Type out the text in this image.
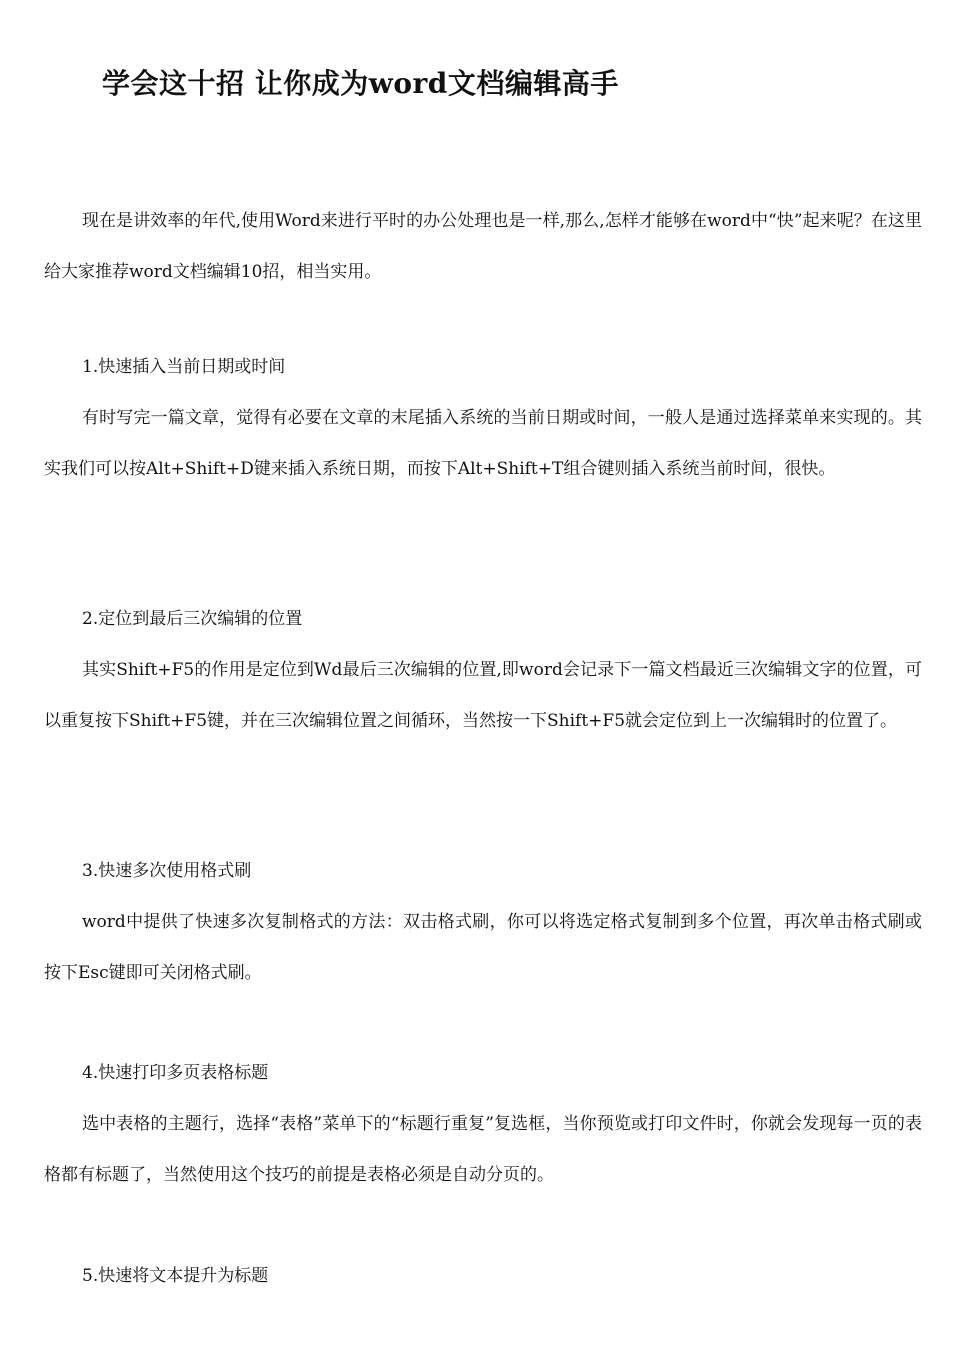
学会这十招 让你成为word文档编辑高手

现在是讲效率的年代,使用Word来进行平时的办公处理也是一样,那么,怎样才能够在word中“快”起来呢？在这里给大家推荐word文档编辑10招，相当实用。

1.快速插入当前日期或时间

有时写完一篇文章，觉得有必要在文章的末尾插入系统的当前日期或时间，一般人是通过选择菜单来实现的。其实我们可以按Alt+Shift+D键来插入系统日期，而按下Alt+Shift+T组合键则插入系统当前时间，很快。

2.定位到最后三次编辑的位置

其实Shift+F5的作用是定位到Wd最后三次编辑的位置,即word会记录下一篇文档最近三次编辑文字的位置，可以重复按下Shift+F5键，并在三次编辑位置之间循环，当然按一下Shift+F5就会定位到上一次编辑时的位置了。

3.快速多次使用格式刷

word中提供了快速多次复制格式的方法：双击格式刷，你可以将选定格式复制到多个位置，再次单击格式刷或按下Esc键即可关闭格式刷。

4.快速打印多页表格标题

选中表格的主题行，选择“表格”菜单下的“标题行重复”复选框，当你预览或打印文件时，你就会发现每一页的表格都有标题了，当然使用这个技巧的前提是表格必须是自动分页的。

5.快速将文本提升为标题
